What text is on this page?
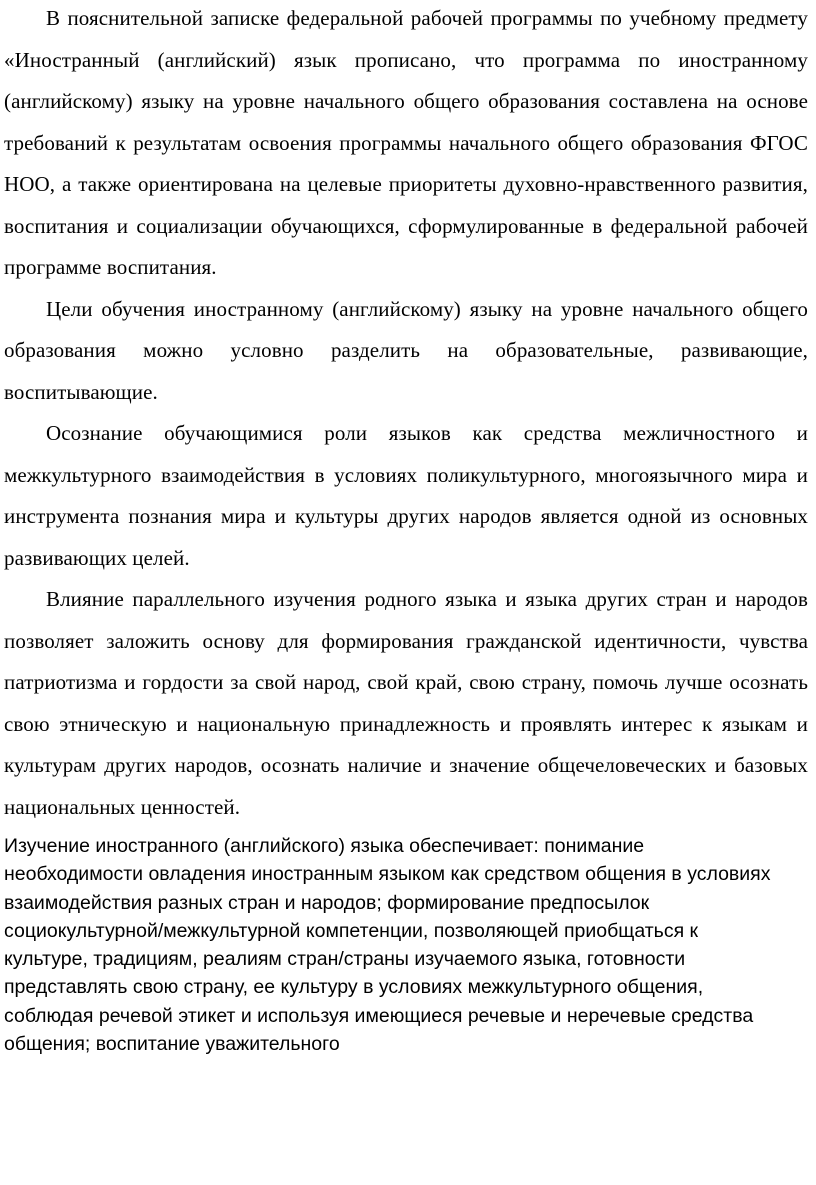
В пояснительной записке федеральной рабочей программы по учебному предмету «Иностранный (английский) язык прописано, что программа по иностранному (английскому) языку на уровне начального общего образования составлена на основе требований к результатам освоения программы начального общего образования ФГОС НОО, а также ориентирована на целевые приоритеты духовно-нравственного развития, воспитания и социализации обучающихся, сформулированные в федеральной рабочей программе воспитания.

Цели обучения иностранному (английскому) языку на уровне начального общего образования можно условно разделить на образовательные, развивающие, воспитывающие.

Осознание обучающимися роли языков как средства межличностного и межкультурного взаимодействия в условиях поликультурного, многоязычного мира и инструмента познания мира и культуры других народов является одной из основных развивающих целей.

Влияние параллельного изучения родного языка и языка других стран и народов позволяет заложить основу для формирования гражданской идентичности, чувства патриотизма и гордости за свой народ, свой край, свою страну, помочь лучше осознать свою этническую и национальную принадлежность и проявлять интерес к языкам и культурам других народов, осознать наличие и значение общечеловеческих и базовых национальных ценностей.

Изучение иностранного (английского) языка обеспечивает: понимание необходимости овладения иностранным языком как средством общения в условиях взаимодействия разных стран и народов; формирование предпосылок социокультурной/межкультурной компетенции, позволяющей приобщаться к культуре, традициям, реалиям стран/страны изучаемого языка, готовности представлять свою страну, ее культуру в условиях межкультурного общения, соблюдая речевой этикет и используя имеющиеся речевые и неречевые средства общения; воспитание уважительного
